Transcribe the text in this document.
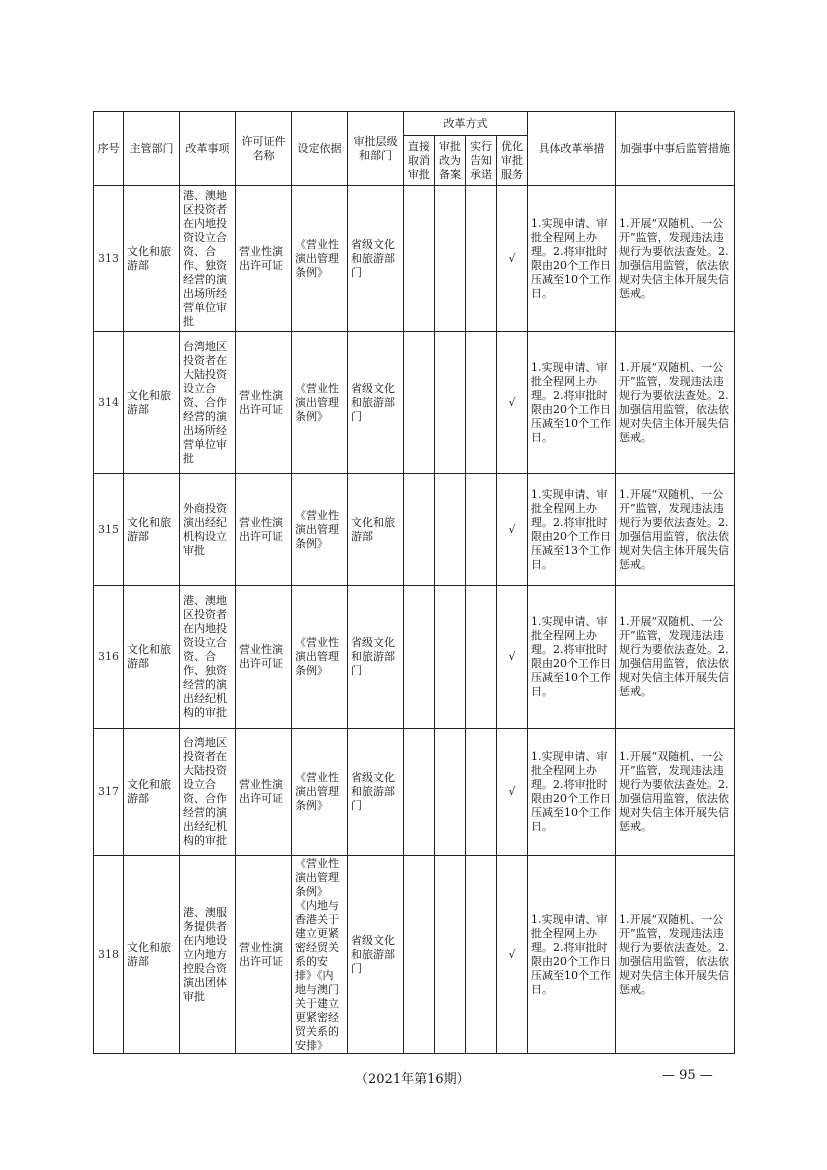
序号	主管部门	改革事项	许可证件名称	设定依据	审批层级和部门	改革方式				具体改革举措	加强事中事后监管措施
						直接取消审批	审批改为备案	实行告知承诺	优化审批服务		
313	文化和旅游部	港、澳地区投资者在内地投资设立合资、合作、独资经营的演出场所经营单位审批	营业性演出许可证	《营业性演出管理条例》	省级文化和旅游部门				√	1.实现申请、审批全程网上办理。2.将审批时限由20个工作日压减至10个工作日。	1.开展“双随机、一公开”监管，发现违法违规行为要依法查处。2.加强信用监管，依法依规对失信主体开展失信惩戒。
314	文化和旅游部	台湾地区投资者在大陆投资设立合资、合作经营的演出场所经营单位审批	营业性演出许可证	《营业性演出管理条例》	省级文化和旅游部门				√	1.实现申请、审批全程网上办理。2.将审批时限由20个工作日压减至10个工作日。	1.开展“双随机、一公开”监管，发现违法违规行为要依法查处。2.加强信用监管，依法依规对失信主体开展失信惩戒。
315	文化和旅游部	外商投资演出经纪机构设立审批	营业性演出许可证	《营业性演出管理条例》	文化和旅游部				√	1.实现申请、审批全程网上办理。2.将审批时限由20个工作日压减至13个工作日。	1.开展“双随机、一公开”监管，发现违法违规行为要依法查处。2.加强信用监管，依法依规对失信主体开展失信惩戒。
316	文化和旅游部	港、澳地区投资者在内地投资设立合资、合作、独资经营的演出经纪机构的审批	营业性演出许可证	《营业性演出管理条例》	省级文化和旅游部门				√	1.实现申请、审批全程网上办理。2.将审批时限由20个工作日压减至10个工作日。	1.开展“双随机、一公开”监管，发现违法违规行为要依法查处。2.加强信用监管，依法依规对失信主体开展失信惩戒。
317	文化和旅游部	台湾地区投资者在大陆投资设立合资、合作经营的演出经纪机构的审批	营业性演出许可证	《营业性演出管理条例》	省级文化和旅游部门				√	1.实现申请、审批全程网上办理。2.将审批时限由20个工作日压减至10个工作日。	1.开展“双随机、一公开”监管，发现违法违规行为要依法查处。2.加强信用监管，依法依规对失信主体开展失信惩戒。
318	文化和旅游部	港、澳服务提供者在内地设立内地方控股合资演出团体审批	营业性演出许可证	《营业性演出管理条例》《内地与香港关于建立更紧密经贸关系的安排》《内地与澳门关于建立更紧密经贸关系的安排》	省级文化和旅游部门				√	1.实现申请、审批全程网上办理。2.将审批时限由20个工作日压减至10个工作日。	1.开展“双随机、一公开”监管，发现违法违规行为要依法查处。2.加强信用监管，依法依规对失信主体开展失信惩戒。
（2021年第16期）	— 95 —
